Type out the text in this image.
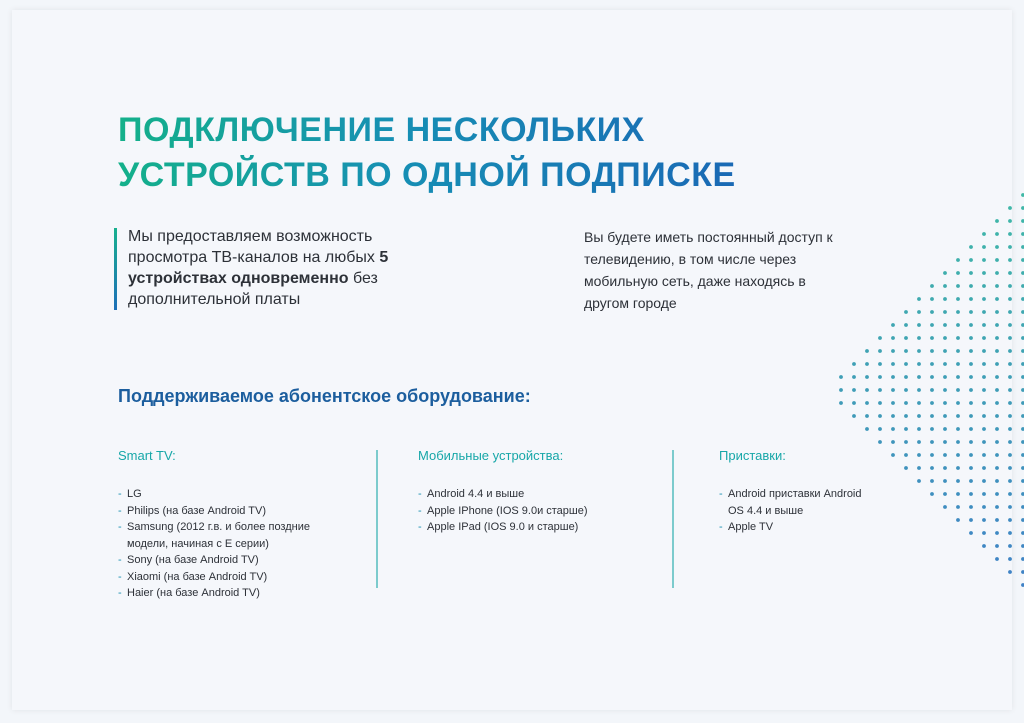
ПОДКЛЮЧЕНИЕ НЕСКОЛЬКИХ
УСТРОЙСТВ ПО ОДНОЙ ПОДПИСКЕ

Мы предоставляем возможность просмотра ТВ-каналов на любых 5 устройствах одновременно без дополнительной платы

Вы будете иметь постоянный доступ к телевидению, в том числе через мобильную сеть, даже находясь в другом городе

Поддерживаемое абонентское оборудование:
Smart TV:
- LG
- Philips (на базе Android TV)
- Samsung (2012 г.в. и более поздние модели, начиная с E серии)
- Sony (на базе Android TV)
- Xiaomi (на базе Android TV)
- Haier (на базе Android TV)
Мобильные устройства:
- Android 4.4 и выше
- Apple IPhone (IOS 9.0и старше)
- Apple IPad (IOS 9.0 и старше)
Приставки:
- Android приставки Android OS 4.4 и выше
- Apple TV
